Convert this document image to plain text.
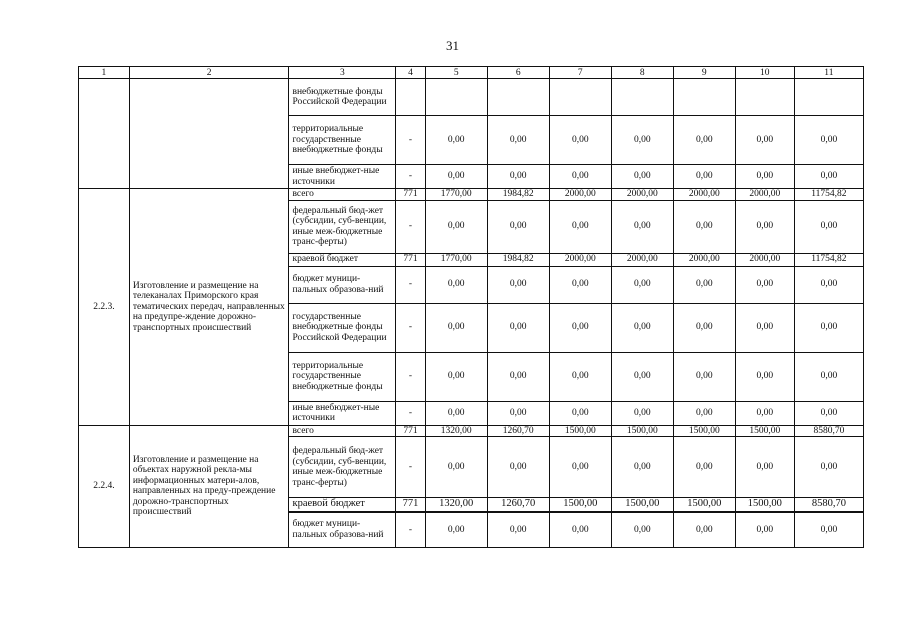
31
1	2	3	4	5	6	7	8	9	10	11
		внебюджетные фонды Российской Федерации								
		территориальные государственные внебюджетные фонды	-	0,00	0,00	0,00	0,00	0,00	0,00	0,00
		иные внебюджет-ные источники	-	0,00	0,00	0,00	0,00	0,00	0,00	0,00
2.2.3.	Изготовление и размещение на телеканалах Приморского края тематических передач, направленных на предупре-ждение дорожно-транспортных происшествий	всего	771	1770,00	1984,82	2000,00	2000,00	2000,00	2000,00	11754,82
		федеральный бюд-жет (субсидии, суб-венции, иные меж-бюджетные транс-ферты)	-	0,00	0,00	0,00	0,00	0,00	0,00	0,00
		краевой бюджет	771	1770,00	1984,82	2000,00	2000,00	2000,00	2000,00	11754,82
		бюджет муници-пальных образова-ний	-	0,00	0,00	0,00	0,00	0,00	0,00	0,00
		государственные внебюджетные фонды Российской Федерации	-	0,00	0,00	0,00	0,00	0,00	0,00	0,00
		территориальные государственные внебюджетные фонды	-	0,00	0,00	0,00	0,00	0,00	0,00	0,00
		иные внебюджет-ные источники	-	0,00	0,00	0,00	0,00	0,00	0,00	0,00
2.2.4.	Изготовление и размещение на объектах наружной рекла-мы информационных матери-алов, направленных на преду-преждение дорожно-транспортных происшествий	всего	771	1320,00	1260,70	1500,00	1500,00	1500,00	1500,00	8580,70
		федеральный бюд-жет (субсидии, суб-венции, иные меж-бюджетные транс-ферты)	-	0,00	0,00	0,00	0,00	0,00	0,00	0,00
		краевой бюджет	771	1320,00	1260,70	1500,00	1500,00	1500,00	1500,00	8580,70
		бюджет муници-пальных образова-ний	-	0,00	0,00	0,00	0,00	0,00	0,00	0,00
